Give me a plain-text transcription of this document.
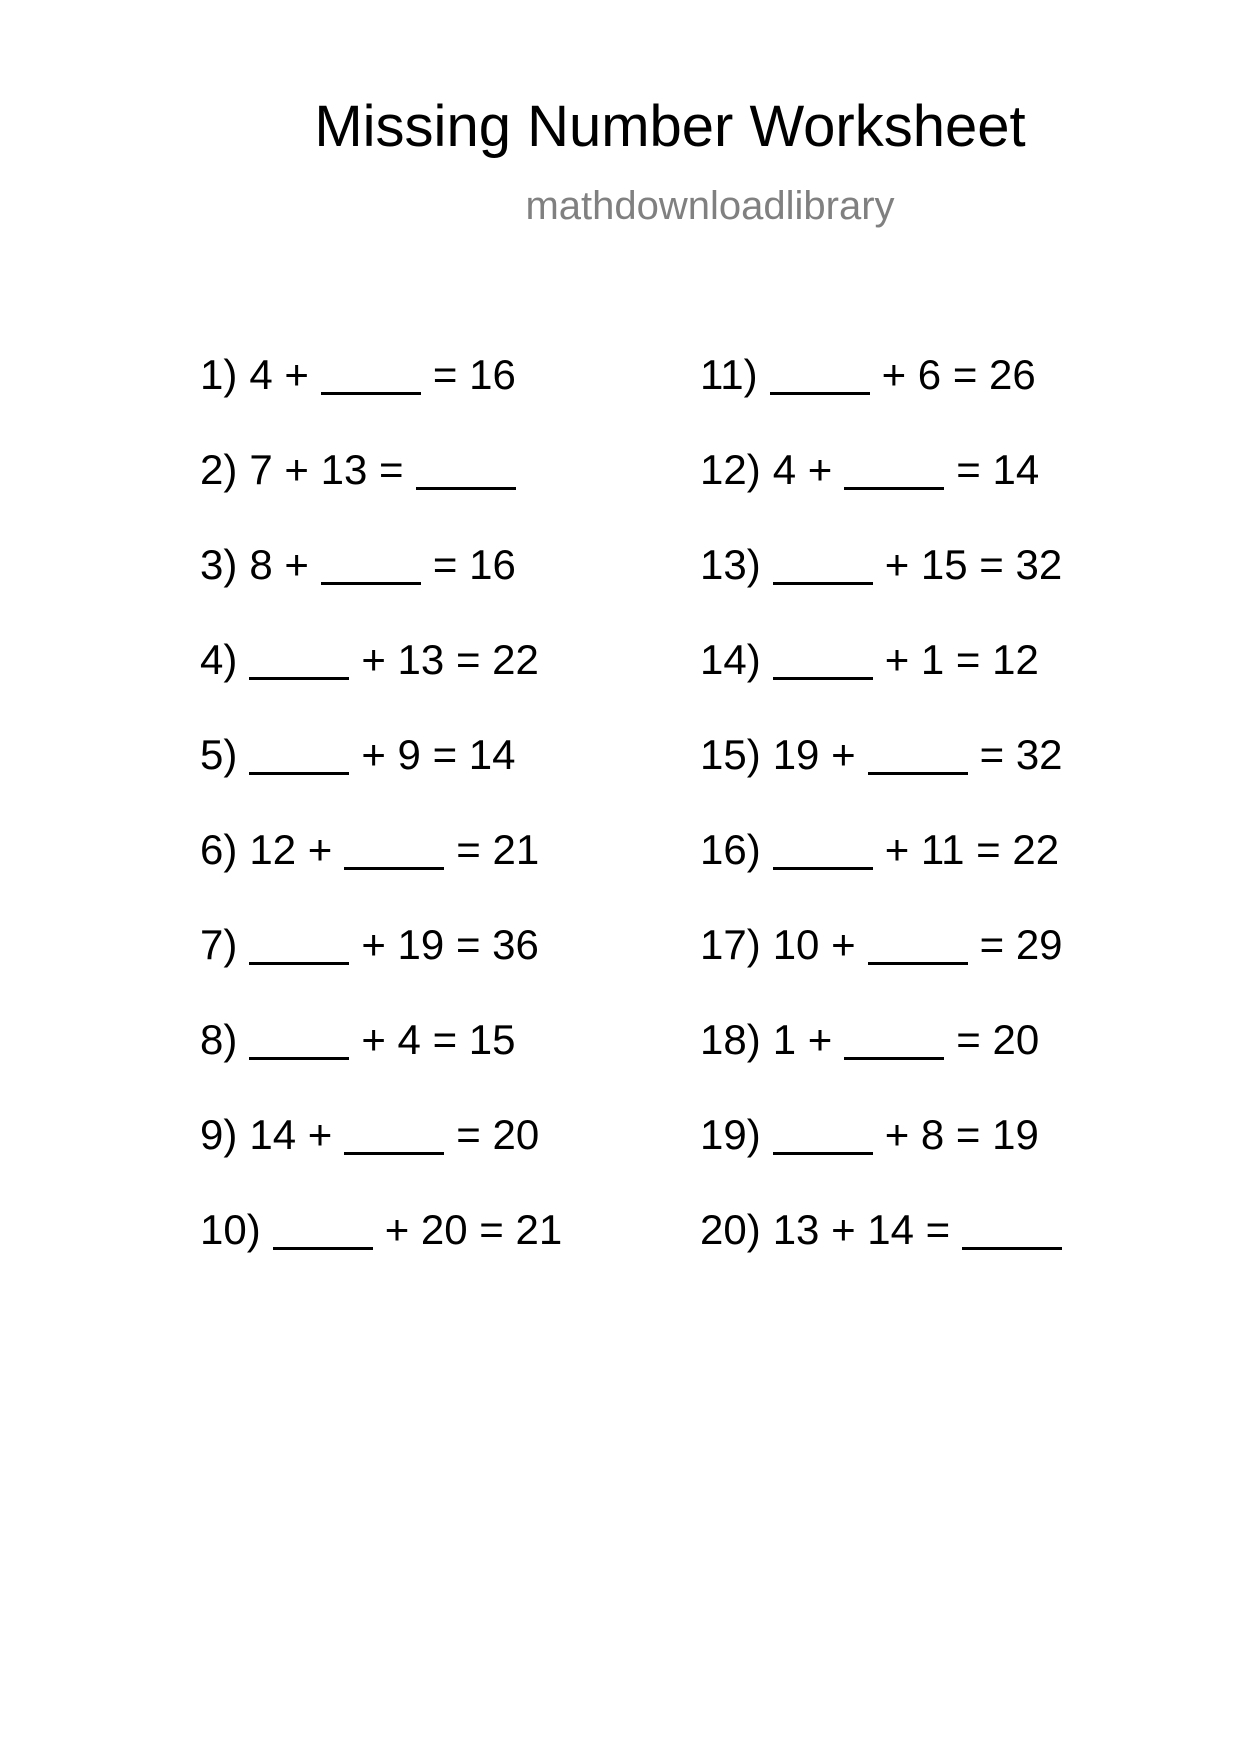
Missing Number Worksheet
mathdownloadlibrary
1) 4 +	= 16
2) 7 + 13 =
3) 8 +	= 16
4)	+ 13 = 22
5)	+ 9 = 14
6) 12 +	= 21
7)	+ 19 = 36
8)	+ 4 = 15
9) 14 +	= 20
10)	+ 20 = 21
11)	+ 6 = 26
12) 4 +	= 14
13)	+ 15 = 32
14)	+ 1 = 12
15) 19 +	= 32
16)	+ 11 = 22
17) 10 +	= 29
18) 1 +	= 20
19)	+ 8 = 19
20) 13 + 14 =
